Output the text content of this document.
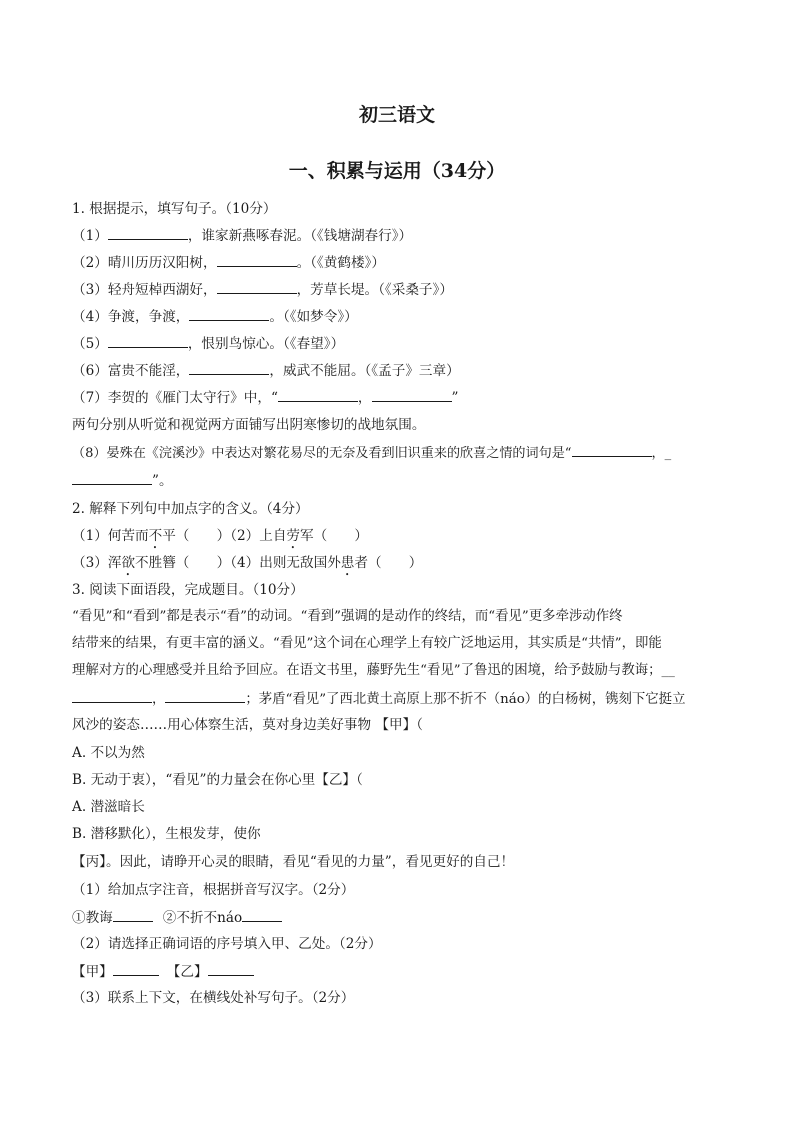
初三语文
一、积累与运用（34分）

1. 根据提示，填写句子。（10分）

（1）	，谁家新燕啄春泥。（《钱塘湖春行》）

（2）晴川历历汉阳树，	。（《黄鹤楼》）

（3）轻舟短棹西湖好，	，芳草长堤。（《采桑子》）

（4）争渡，争渡，	。（《如梦令》）

（5）	，恨别鸟惊心。（《春望》）

（6）富贵不能淫，	，威武不能屈。（《孟子》三章）

（7）李贺的《雁门太守行》中，“	，	”

两句分别从听觉和视觉两方面铺写出阴寒惨切的战地氛围。

（8）晏殊在《浣溪沙》中表达对繁花易尽的无奈及看到旧识重来的欣喜之情的词句是“	，_

”。

2. 解释下列句中加点字的含义。（4分）

（1）何苦而不平（　　）（2）上自劳军（　　）

（3）浑欲不胜簪（　　）（4）出则无敌国外患者（　　）

3. 阅读下面语段，完成题目。（10分）

“看见”和“看到”都是表示“看”的动词。“看到”强调的是动作的终结，而“看见”更多牵涉动作终

结带来的结果，有更丰富的涵义。“看见”这个词在心理学上有较广泛地运用，其实质是“共情”，即能

理解对方的心理感受并且给予回应。在语文书里，藤野先生“看见”了鲁迅的困境，给予鼓励与教诲；__

，	；茅盾“看见”了西北黄土高原上那不折不（náo）的白杨树，镌刻下它挺立

风沙的姿态……用心体察生活，莫对身边美好事物 【甲】（

A. 不以为然

B. 无动于衷），“看见”的力量会在你心里【乙】（

A. 潜滋暗长

B. 潜移默化），生根发芽，使你

【丙】。因此，请睁开心灵的眼睛，看见“看见的力量”，看见更好的自己！

（1）给加点字注音，根据拼音写汉字。（2分）

①教诲	②不折不náo

（2）请选择正确词语的序号填入甲、乙处。（2分）

【甲】	【乙】

（3）联系上下文，在横线处补写句子。（2分）
